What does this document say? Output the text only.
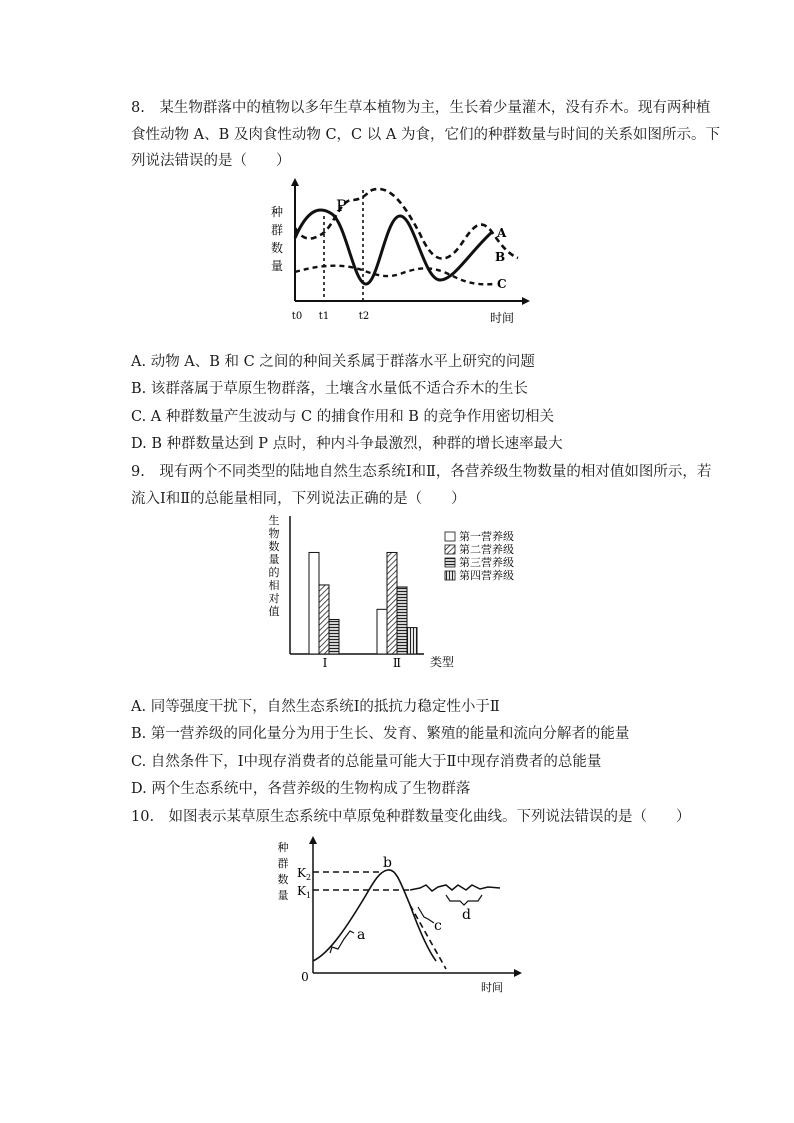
8.　某生物群落中的植物以多年生草本植物为主，生长着少量灌木，没有乔木。现有两种植
食性动物 A、B 及肉食性动物 C，C 以 A 为食，它们的种群数量与时间的关系如图所示。下
列说法错误的是（　　）
种
群
数
量
P
A
B
C
t0 t1	t2	时间
A. 动物 A、B 和 C 之间的种间关系属于群落水平上研究的问题
B. 该群落属于草原生物群落，土壤含水量低不适合乔木的生长
C. A 种群数量产生波动与 C 的捕食作用和 B 的竞争作用密切相关
D. B 种群数量达到 P 点时，种内斗争最激烈，种群的增长速率最大
9.　现有两个不同类型的陆地自然生态系统Ⅰ和Ⅱ，各营养级生物数量的相对值如图所示，若
流入Ⅰ和Ⅱ的总能量相同，下列说法正确的是（　　）
生
物
数
量
的
相
对
值
Ⅰ	Ⅱ 类型
第一营养级
第二营养级
第三营养级
第四营养级
A. 同等强度干扰下，自然生态系统Ⅰ的抵抗力稳定性小于Ⅱ
B. 第一营养级的同化量分为用于生长、发育、繁殖的能量和流向分解者的能量
C. 自然条件下，Ⅰ中现存消费者的总能量可能大于Ⅱ中现存消费者的总能量
D. 两个生态系统中，各营养级的生物构成了生物群落
10.　如图表示某草原生态系统中草原兔种群数量变化曲线。下列说法错误的是（　　）
种
群
数
量
$K_2$
$K_1$
a
b
c
d
0
时间
